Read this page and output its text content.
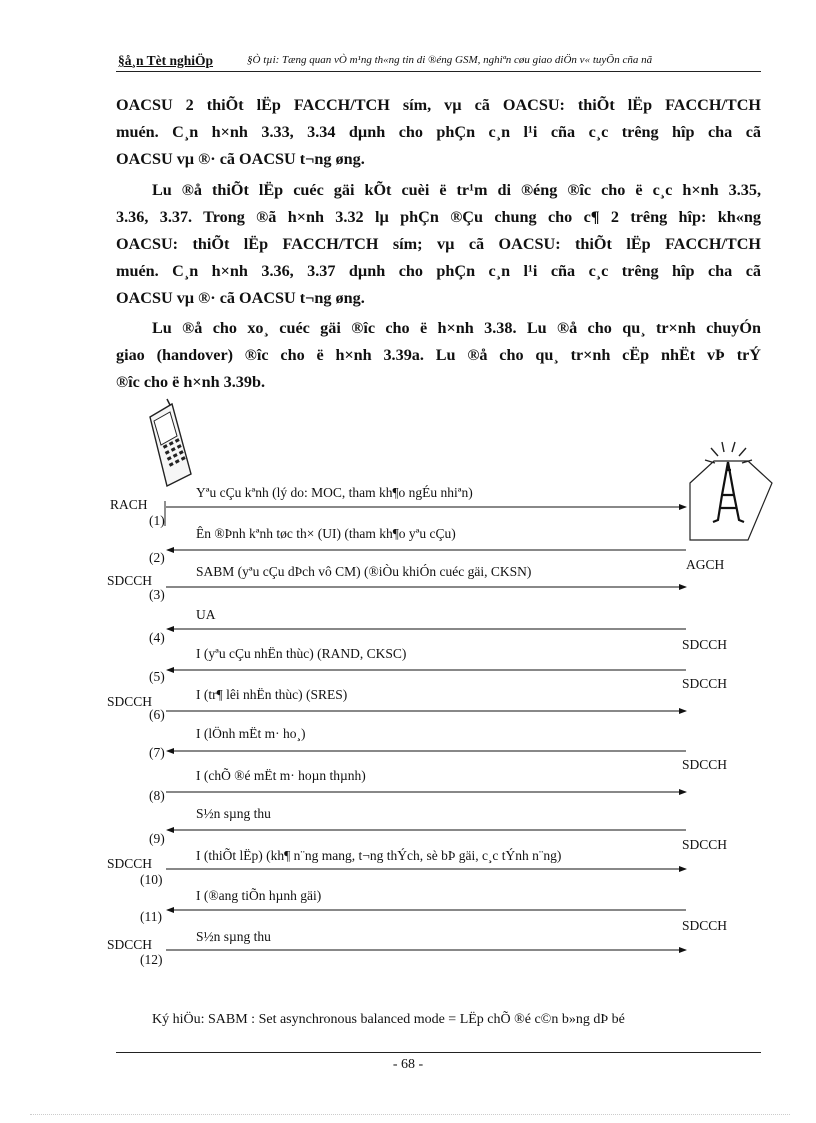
§å¸n Tèt nghiÖp	§Ò tµi: Tæng quan vÒ m¹ng th«ng tin di ®éng GSM, nghiªn cøu giao diÖn v« tuyÕn cña nã
OACSU 2 thiÕt lËp FACCH/TCH sím, vµ cã OACSU: thiÕt lËp FACCH/TCH
muén. C¸n h×nh 3.33, 3.34 dµnh cho phÇn c¸n l¹i cña c¸c trêng hîp cha cã
OACSU vµ ®· cã OACSU t¬ng øng.
Lu ®å thiÕt lËp cuéc gäi kÕt cuèi ë tr¹m di ®éng ®îc cho ë c¸c h×nh 3.35,
3.36, 3.37. Trong ®ã h×nh 3.32 lµ phÇn ®Çu chung cho c¶ 2 trêng hîp: kh«ng
OACSU: thiÕt lËp FACCH/TCH sím; vµ cã OACSU: thiÕt lËp FACCH/TCH
muén. C¸n h×nh 3.36, 3.37 dµnh cho phÇn c¸n l¹i cña c¸c trêng hîp cha cã
OACSU vµ ®· cã OACSU t¬ng øng.
Lu ®å cho xo¸ cuéc gäi ®îc cho ë h×nh 3.38. Lu ®å cho qu¸ tr×nh chuyÓn
giao (handover) ®îc cho ë h×nh 3.39a. Lu ®å cho qu¸ tr×nh cËp nhËt vÞ trÝ
®îc cho ë h×nh 3.39b.
RACH
SDCCH
SDCCH
SDCCH
SDCCH
AGCH
SDCCH
SDCCH
SDCCH
SDCCH
SDCCH
(1)
(2)
(3)
(4)
(5)
(6)
(7)
(8)
(9)
(10)
(11)
(12)
Yªu cÇu kªnh (lý do: MOC, tham kh¶o ngÉu nhiªn)
Ên ®Þnh kªnh tøc th× (UI) (tham kh¶o yªu cÇu)
SABM (yªu cÇu dÞch vô CM) (®iÒu khiÓn cuéc gäi, CKSN)
UA
I (yªu cÇu nhËn thùc) (RAND, CKSC)
I (tr¶ lêi nhËn thùc) (SRES)
I (lÖnh mËt m· ho¸)
I (chÕ ®é mËt m· hoµn thµnh)
S½n sµng thu
I (thiÕt lËp) (kh¶ n¨ng mang, t¬ng thÝch, sè bÞ gäi, c¸c tÝnh n¨ng)
I (®ang tiÕn hµnh gäi)
S½n sµng thu
Ký hiÖu: SABM : Set asynchronous balanced mode = LËp chÕ ®é c©n b»ng dÞ bé
- 68 -
